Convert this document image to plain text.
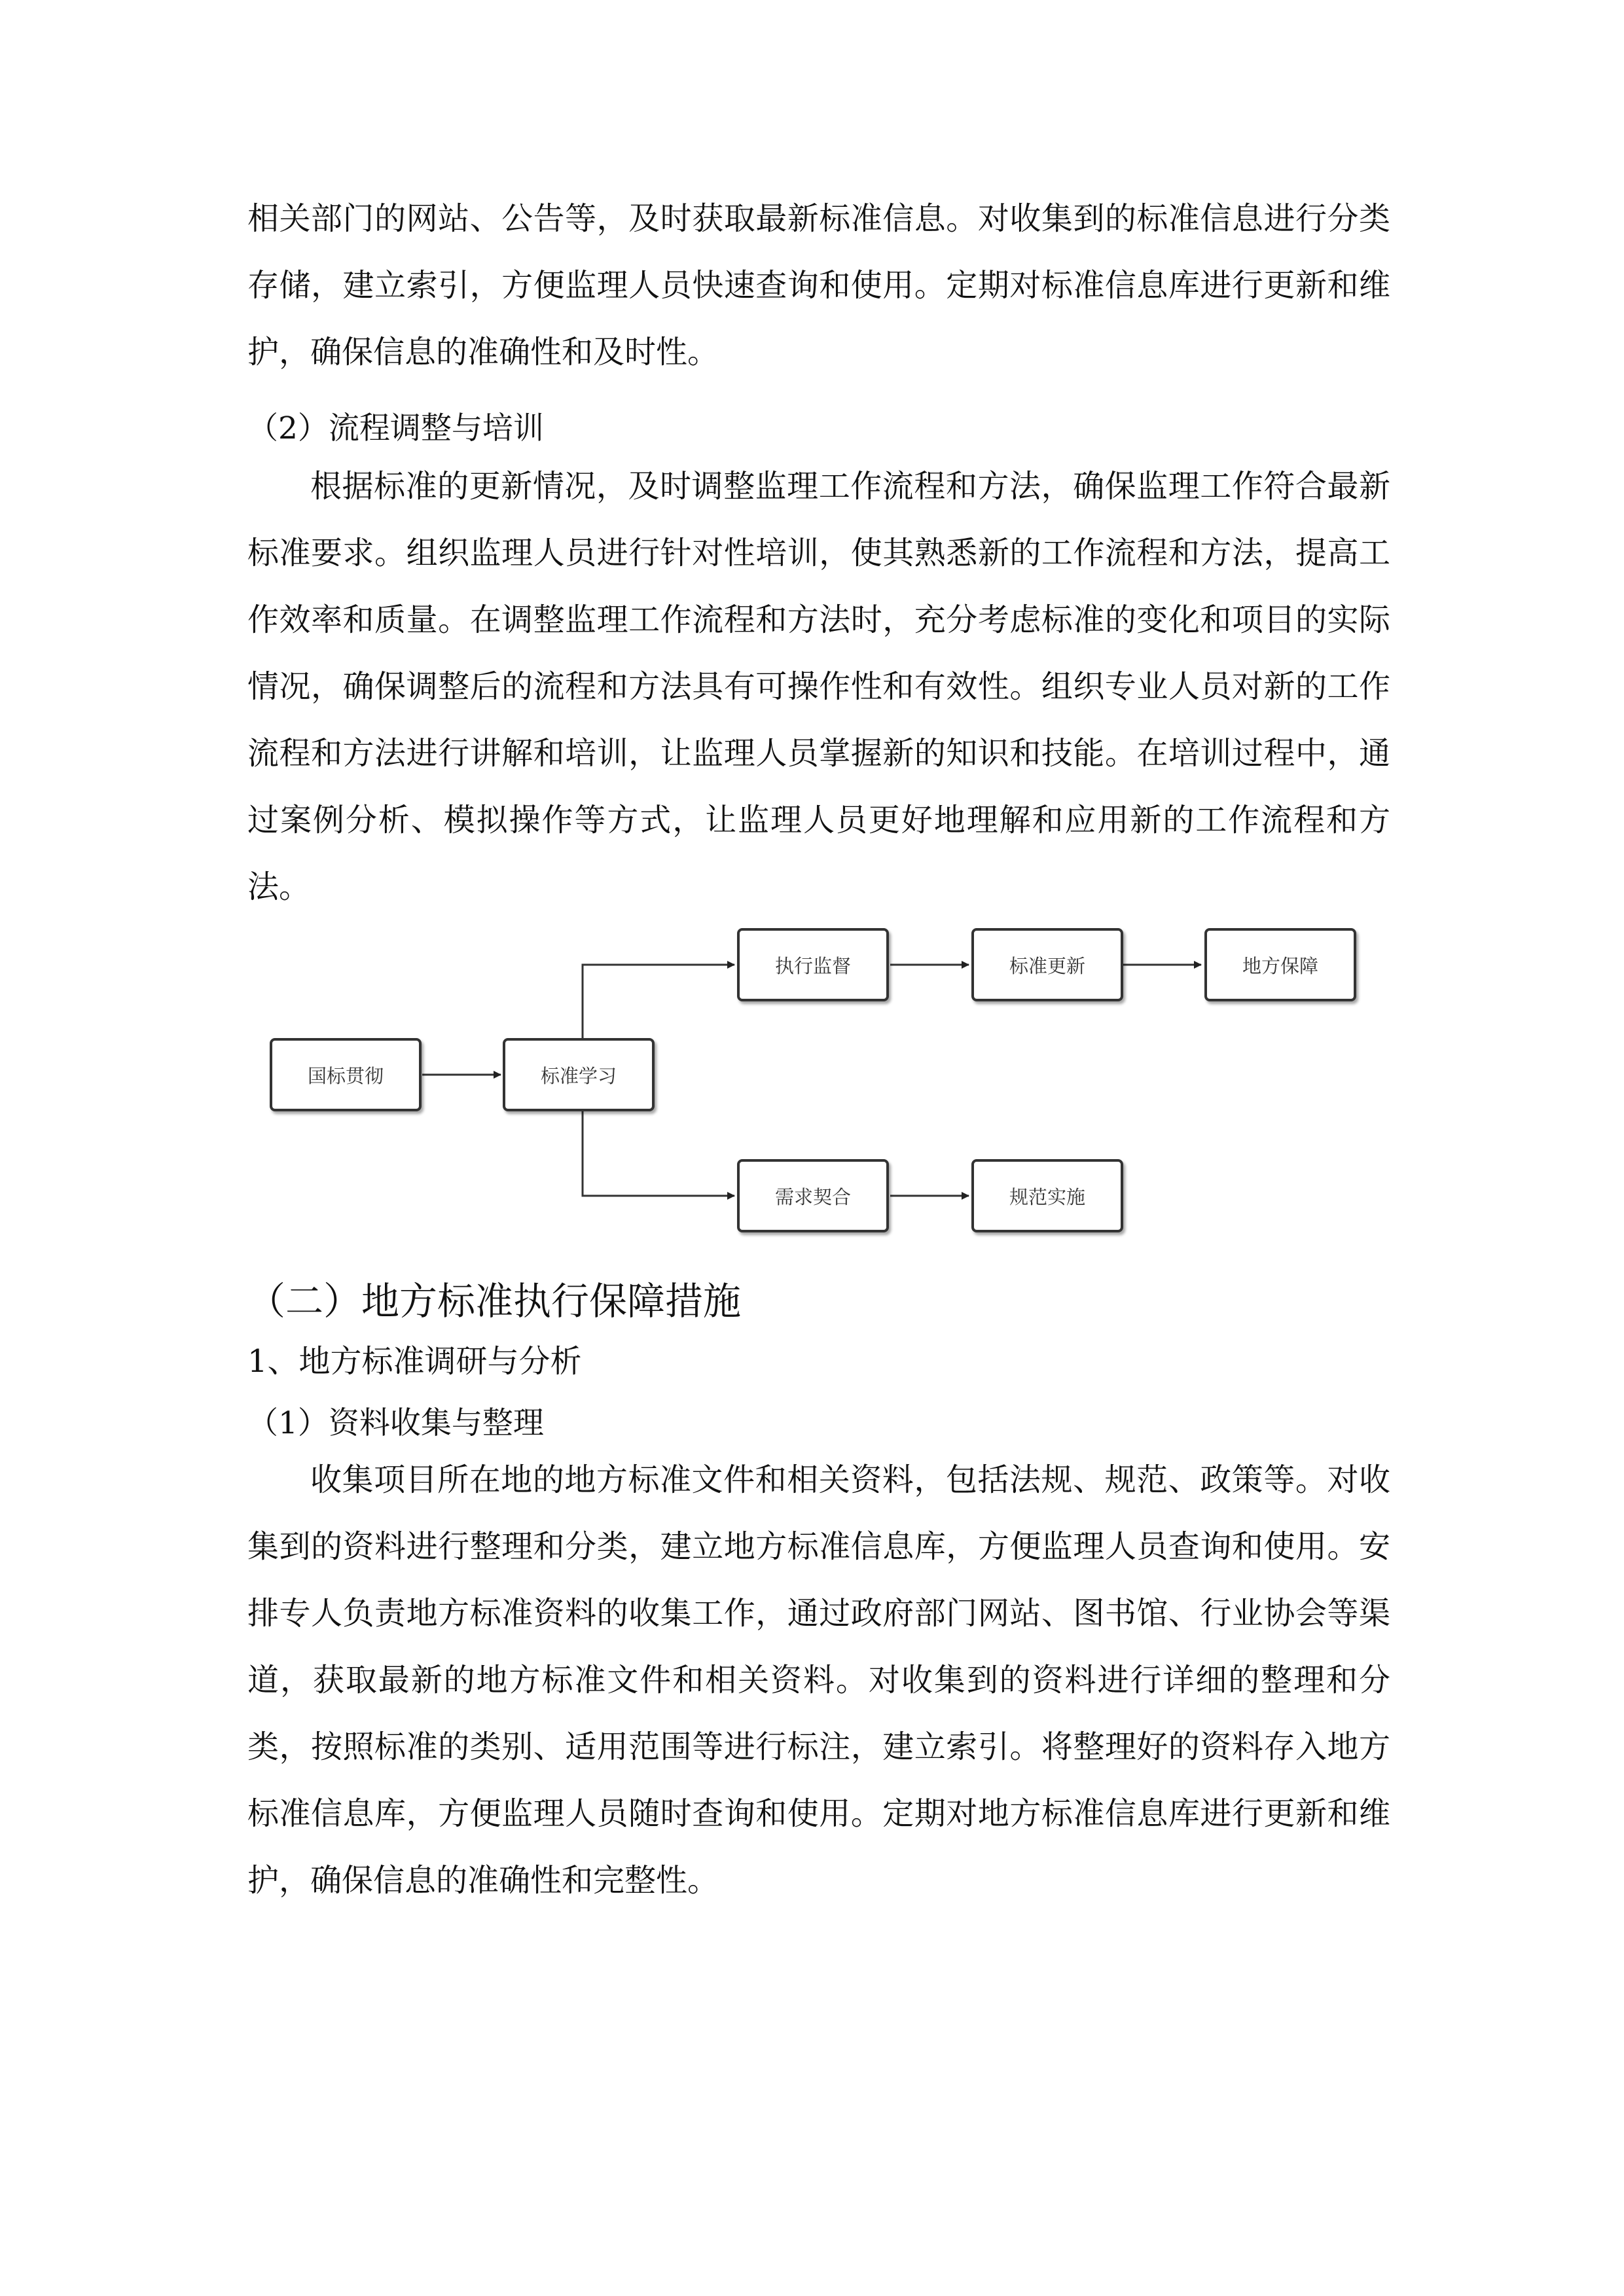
相关部门的网站、公告等，及时获取最新标准信息。对收集到的标准信息进行分类存储，建立索引，方便监理人员快速查询和使用。定期对标准信息库进行更新和维护，确保信息的准确性和及时性。

（2）流程调整与培训

根据标准的更新情况，及时调整监理工作流程和方法，确保监理工作符合最新标准要求。组织监理人员进行针对性培训，使其熟悉新的工作流程和方法，提高工作效率和质量。在调整监理工作流程和方法时，充分考虑标准的变化和项目的实际情况，确保调整后的流程和方法具有可操作性和有效性。组织专业人员对新的工作流程和方法进行讲解和培训，让监理人员掌握新的知识和技能。在培训过程中，通过案例分析、模拟操作等方式，让监理人员更好地理解和应用新的工作流程和方法。

国标贯彻	标准学习
执行监督	标准更新	地方保障
需求契合	规范实施

（二）地方标准执行保障措施

1、地方标准调研与分析

（1）资料收集与整理

收集项目所在地的地方标准文件和相关资料，包括法规、规范、政策等。对收集到的资料进行整理和分类，建立地方标准信息库，方便监理人员查询和使用。安排专人负责地方标准资料的收集工作，通过政府部门网站、图书馆、行业协会等渠道，获取最新的地方标准文件和相关资料。对收集到的资料进行详细的整理和分类，按照标准的类别、适用范围等进行标注，建立索引。将整理好的资料存入地方标准信息库，方便监理人员随时查询和使用。定期对地方标准信息库进行更新和维护，确保信息的准确性和完整性。
